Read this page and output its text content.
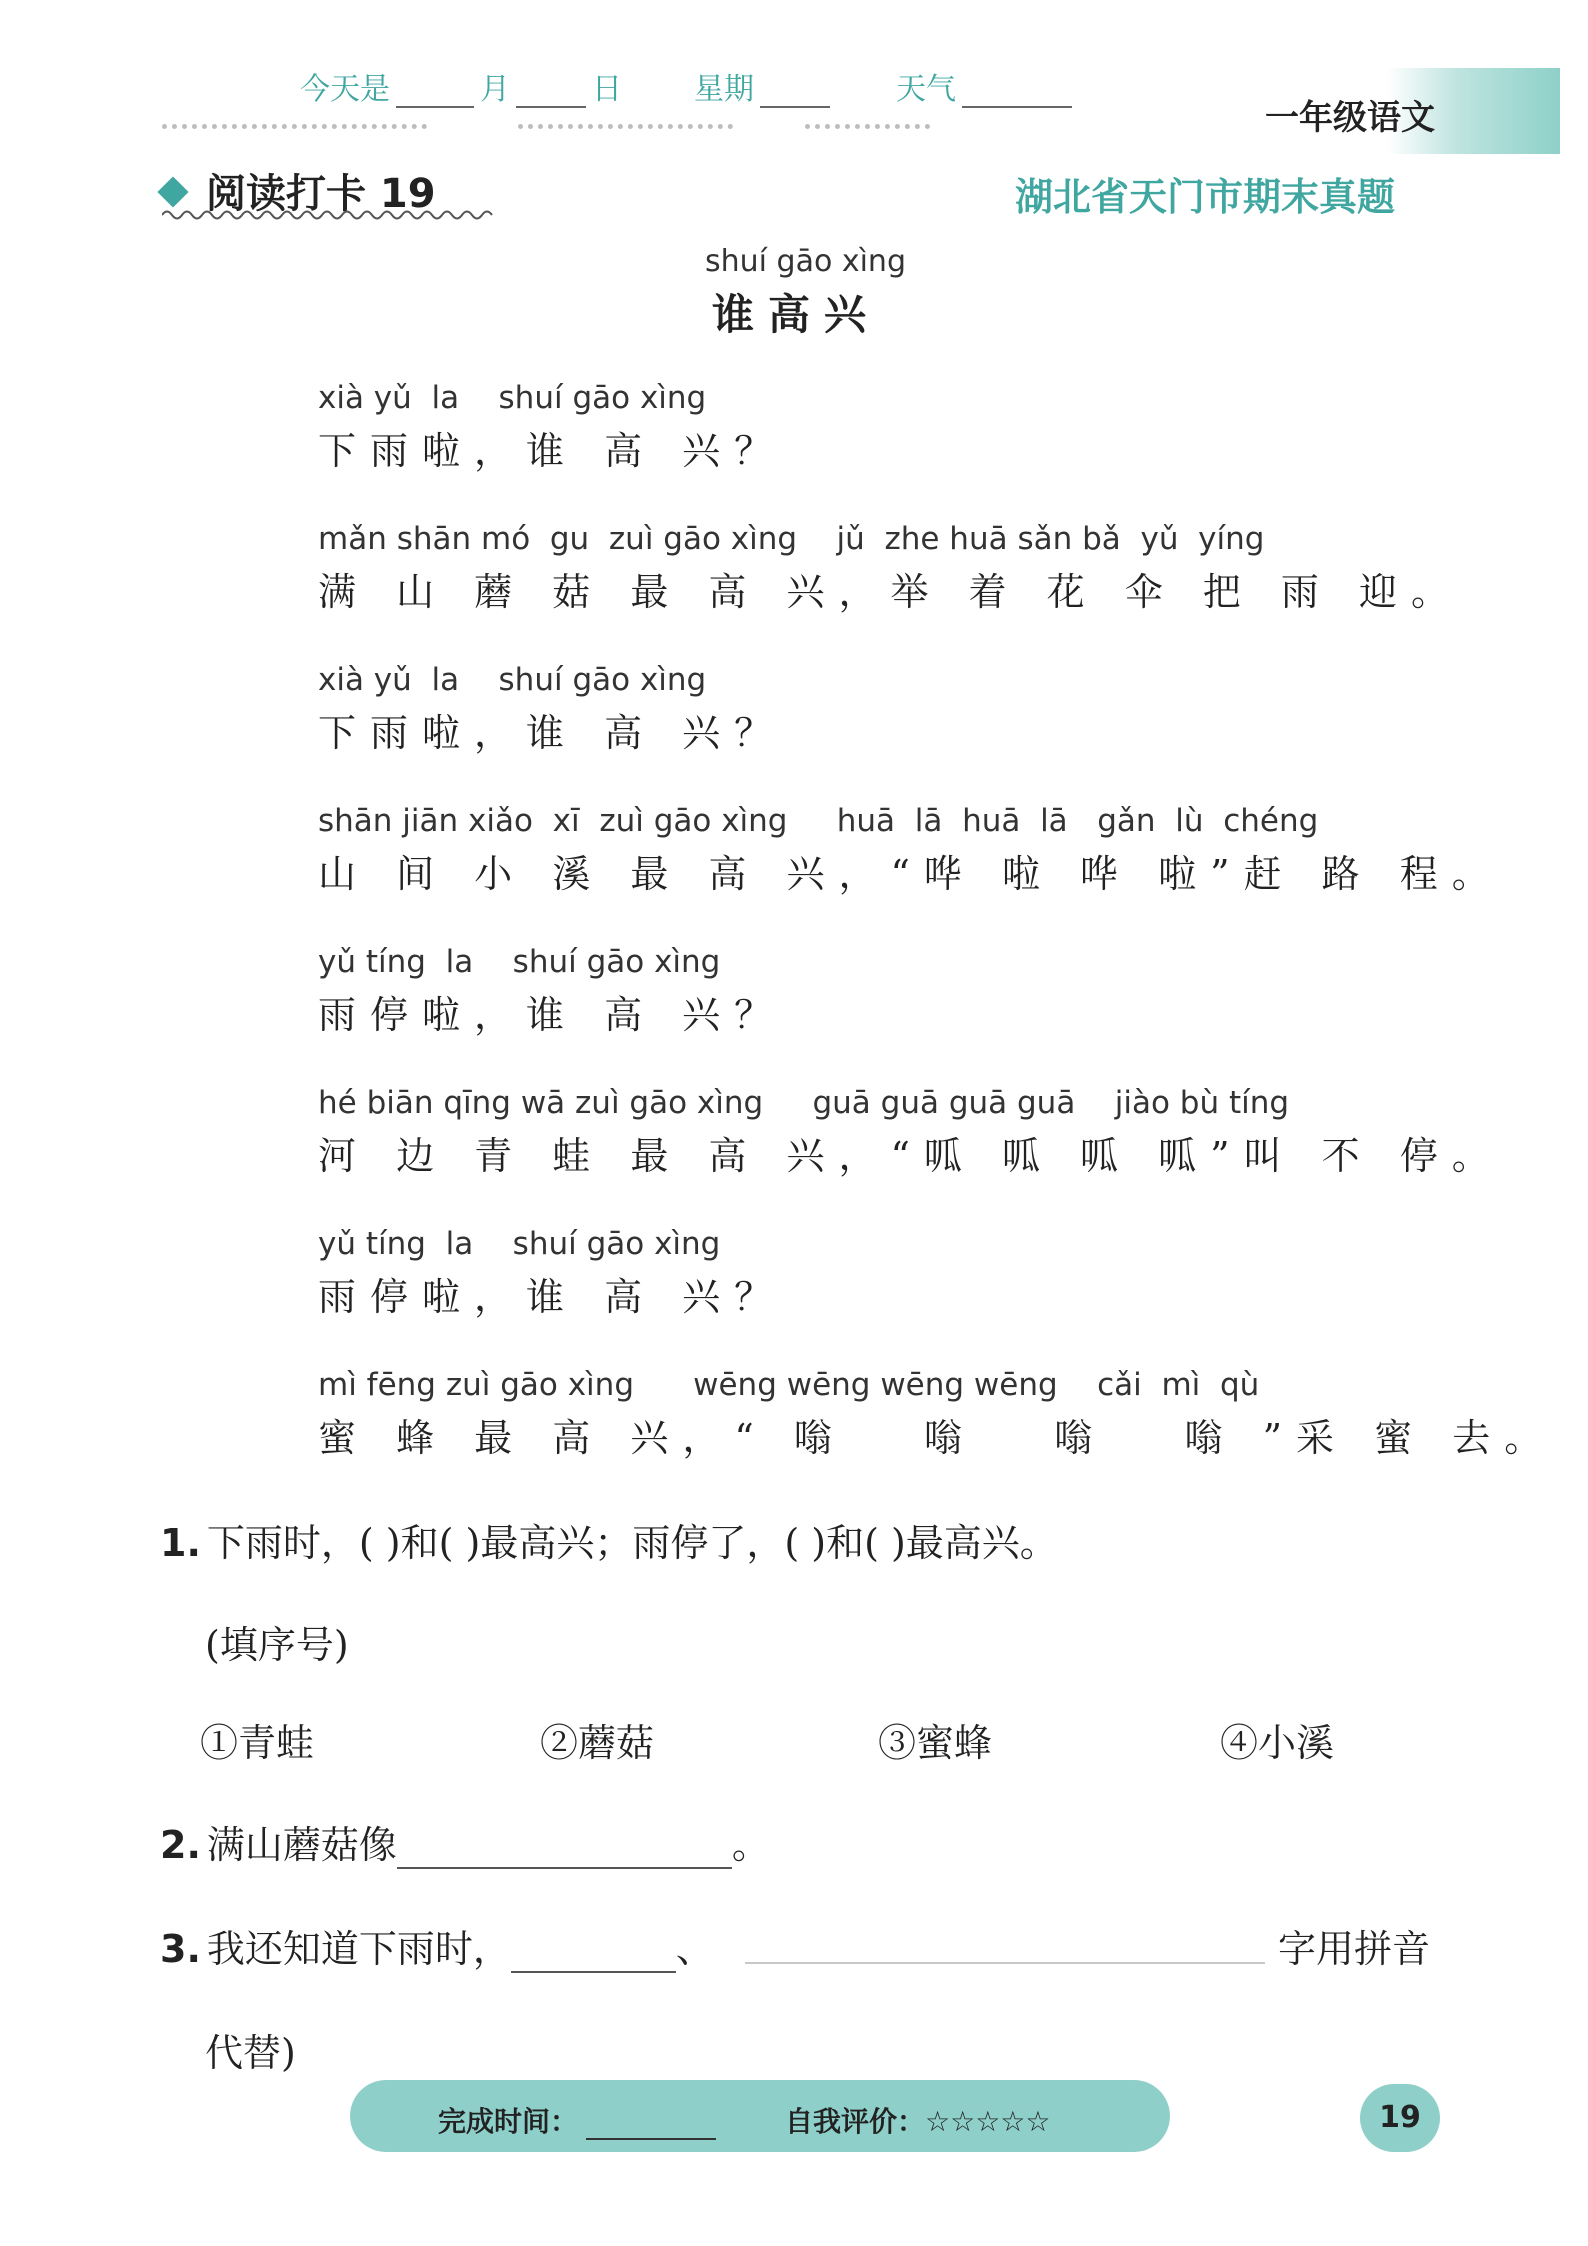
今天是	月	日 星期	天气
一年级语文
阅读打卡 19	湖北省天门市期末真题
shuí gāo xìng
谁高兴
xià yǔ  la    shuí gāo xìng
下雨啦，谁 高 兴？
mǎn shān mó  gu  zuì gāo xìng    jǔ  zhe huā sǎn bǎ  yǔ  yíng
满 山 蘑 菇 最 高 兴，举 着 花 伞 把 雨 迎。
xià yǔ  la    shuí gāo xìng
下雨啦，谁 高 兴？
shān jiān xiǎo  xī  zuì gāo xìng     huā  lā  huā  lā   gǎn  lù  chéng
山 间 小 溪 最 高 兴，“哗 啦 哗 啦”赶 路 程。
yǔ tíng  la    shuí gāo xìng
雨停啦，谁 高 兴？
hé biān qīng wā zuì gāo xìng     guā guā guā guā    jiào bù tíng
河 边 青 蛙 最 高 兴，“呱 呱 呱 呱”叫 不 停。
yǔ tíng  la    shuí gāo xìng
雨停啦，谁 高 兴？
mì fēng zuì gāo xìng      wēng wēng wēng wēng    cǎi  mì  qù
蜜 蜂 最 高 兴，“ 嗡   嗡   嗡   嗡 ”采 蜜 去。
1. 下雨时，( )和( )最高兴；雨停了，( )和( )最高兴。
(填序号)
①青蛙	②蘑菇	③蜜蜂	④小溪
2. 满山蘑菇像	。
3. 我还知道下雨时，	、	字用拼音
代替)
完成时间：	自我评价：☆☆☆☆☆	19
